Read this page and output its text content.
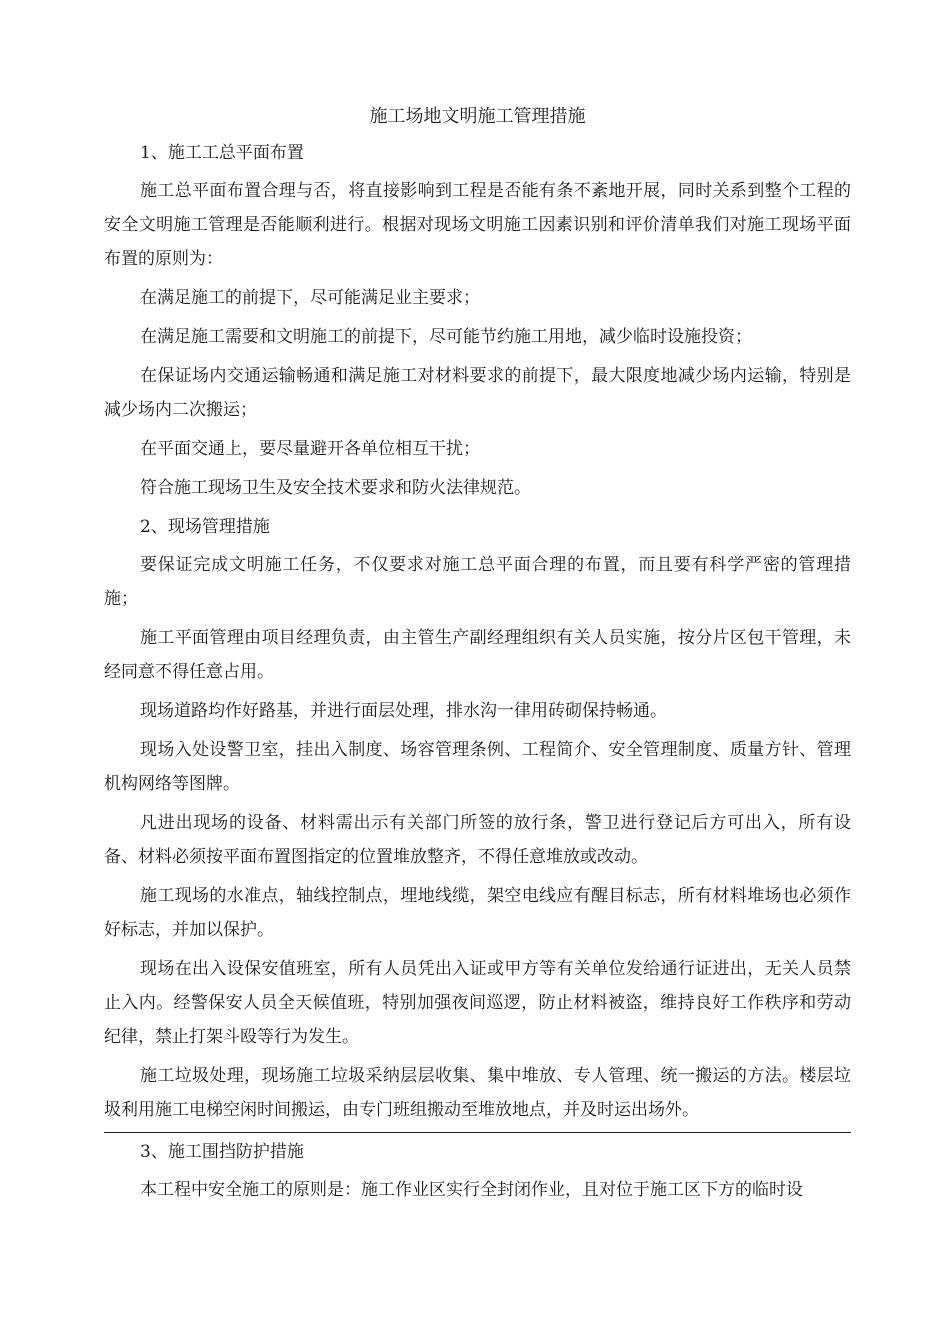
施工场地文明施工管理措施

1、施工工总平面布置

施工总平面布置合理与否，将直接影响到工程是否能有条不紊地开展，同时关系到整个工程的安全文明施工管理是否能顺利进行。根据对现场文明施工因素识别和评价清单我们对施工现场平面布置的原则为：

在满足施工的前提下，尽可能满足业主要求；

在满足施工需要和文明施工的前提下，尽可能节约施工用地，减少临时设施投资；

在保证场内交通运输畅通和满足施工对材料要求的前提下，最大限度地减少场内运输，特别是减少场内二次搬运；

在平面交通上，要尽量避开各单位相互干扰；

符合施工现场卫生及安全技术要求和防火法律规范。

2、现场管理措施

要保证完成文明施工任务，不仅要求对施工总平面合理的布置，而且要有科学严密的管理措施；

施工平面管理由项目经理负责，由主管生产副经理组织有关人员实施，按分片区包干管理，未经同意不得任意占用。

现场道路均作好路基，并进行面层处理，排水沟一律用砖砌保持畅通。

现场入处设警卫室，挂出入制度、场容管理条例、工程简介、安全管理制度、质量方针、管理机构网络等图牌。

凡进出现场的设备、材料需出示有关部门所签的放行条，警卫进行登记后方可出入，所有设备、材料必须按平面布置图指定的位置堆放整齐，不得任意堆放或改动。

施工现场的水准点，轴线控制点，埋地线缆，架空电线应有醒目标志，所有材料堆场也必须作好标志，并加以保护。

现场在出入设保安值班室，所有人员凭出入证或甲方等有关单位发给通行证进出，无关人员禁止入内。经警保安人员全天候值班，特别加强夜间巡逻，防止材料被盗，维持良好工作秩序和劳动纪律，禁止打架斗殴等行为发生。

施工垃圾处理，现场施工垃圾采纳层层收集、集中堆放、专人管理、统一搬运的方法。楼层垃圾利用施工电梯空闲时间搬运，由专门班组搬动至堆放地点，并及时运出场外。

3、施工围挡防护措施

本工程中安全施工的原则是：施工作业区实行全封闭作业，且对位于施工区下方的临时设
